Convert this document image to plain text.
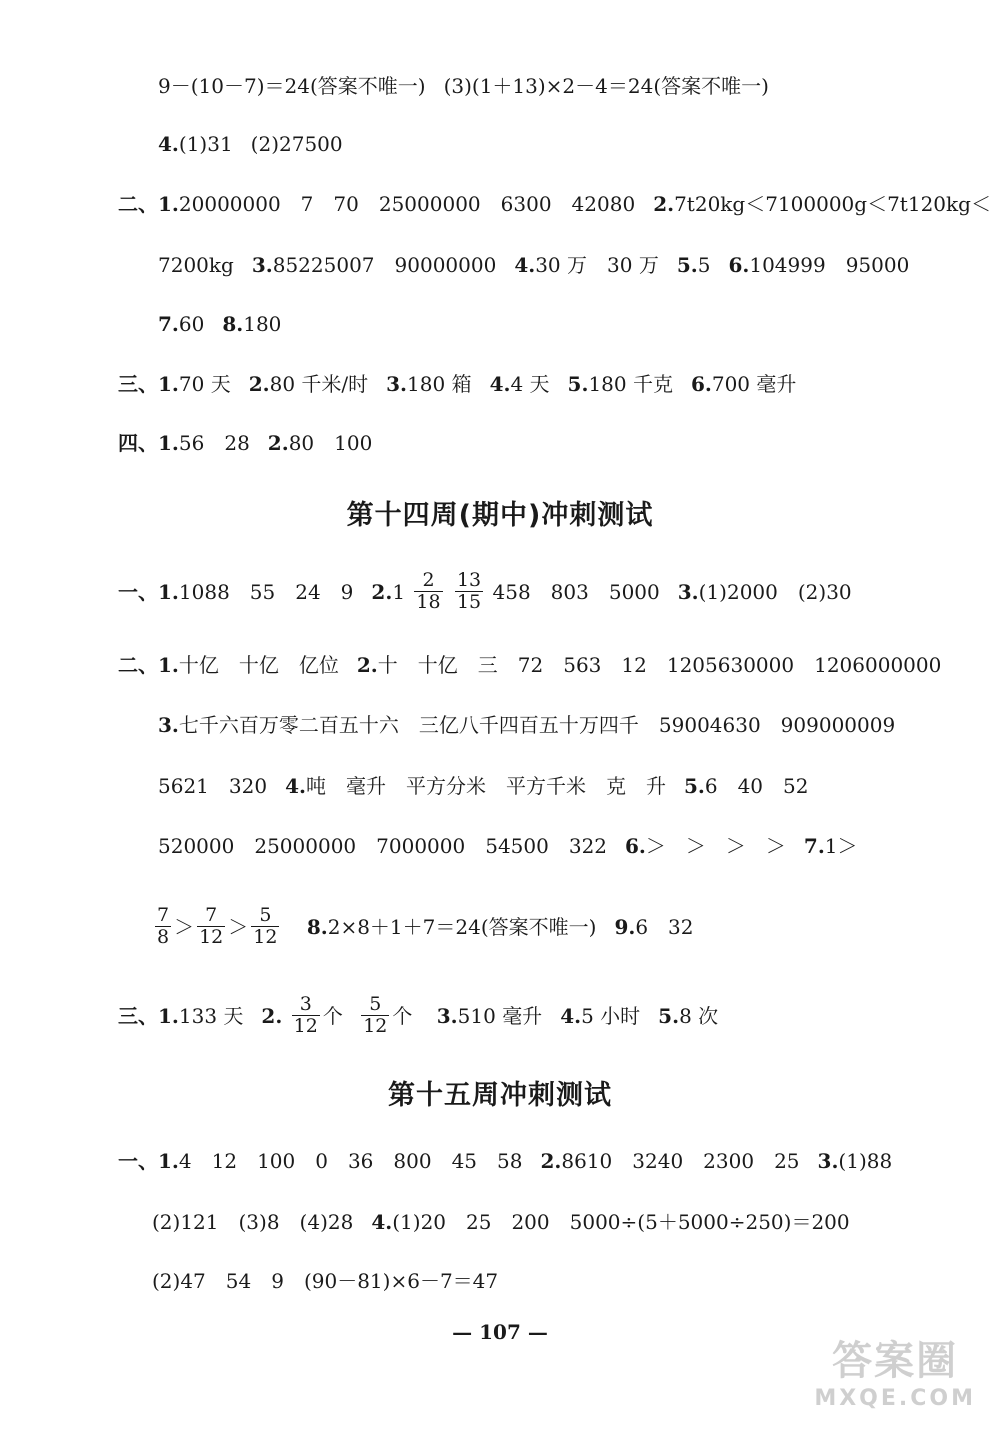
9－(10－7)＝24(答案不唯一) (3)(1＋13)×2－4＝24(答案不唯一)
4.(1)31 (2)27500
二、1.20000000　7　70　25000000　6300　42080 2.7t20kg＜7100000g＜7t120kg＜
7200kg 3.85225007　90000000 4.30 万　30 万 5.5 6.104999　95000
7.60 8.180
三、1.70 天 2.80 千米/时 3.180 箱 4.4 天 5.180 千克 6.700 毫升
四、1.56　28 2.80　100
第十四周(期中)冲刺测试
一、1.1088　55　24　9 $2.1 \frac{2}{18}$
$\frac{13}{15} 458$　803　5000 3.(1)2000　(2)30
二、1.十亿　十亿　亿位 2.十　十亿　三　72　563　12　1205630000　1206000000
3.七千六百万零二百五十六　三亿八千四百五十万四千　59004630　909000009
5621　320 4.吨　毫升　平方分米　平方千米　克　升 5.6　40　52
520000　25000000　7000000　54500　322 6.＞　＞　＞　＞ 7.1＞
$\frac{7}{8} > \frac{7}{12} > \frac{5}{12} 8.2\times 8+1+7=24$(答案不唯一) 9.6　32
三、1.133 天 2. $\frac{3}{12}$ 个 $\frac{5}{12}$ 个 3.510 毫升 4.5 小时 5.8 次
第十五周冲刺测试
一、1.4　12　100　0　36　800　45　58 2.8610　3240　2300　25 3.(1)88
(2)121　(3)8　(4)28 4.(1)20　25　200　5000÷(5＋5000÷250)＝200
(2)47　54　9　(90－81)×6－7＝47
— 107 —
答案圈
MXQE.COM
